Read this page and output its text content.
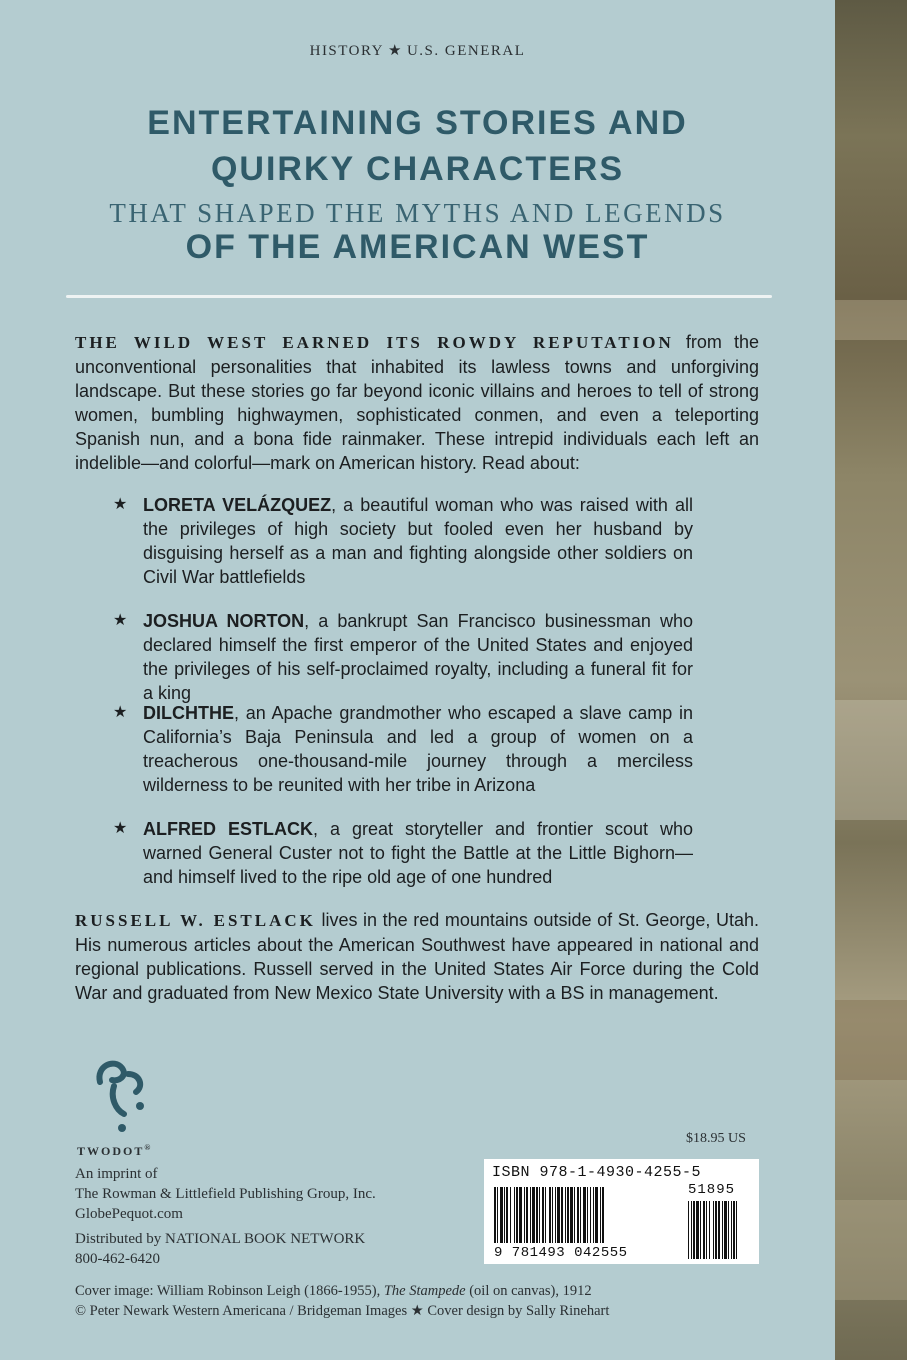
HISTORY ★ U.S. GENERAL
ENTERTAINING STORIES AND
QUIRKY CHARACTERS
THAT SHAPED THE MYTHS AND LEGENDS
OF THE AMERICAN WEST
THE WILD WEST EARNED ITS ROWDY REPUTATION from the unconventional personalities that inhabited its lawless towns and unforgiving landscape. But these stories go far beyond iconic villains and heroes to tell of strong women, bumbling highwaymen, sophisticated conmen, and even a teleporting Spanish nun, and a bona fide rainmaker. These intrepid individuals each left an indelible—and colorful—mark on American history. Read about:
★ LORETA VELÁZQUEZ, a beautiful woman who was raised with all the privileges of high society but fooled even her husband by disguising herself as a man and fighting alongside other soldiers on Civil War battlefields
★ JOSHUA NORTON, a bankrupt San Francisco businessman who declared himself the first emperor of the United States and enjoyed the privileges of his self-proclaimed royalty, including a funeral fit for a king
★ DILCHTHE, an Apache grandmother who escaped a slave camp in California’s Baja Peninsula and led a group of women on a treacherous one-thousand-mile journey through a merciless wilderness to be reunited with her tribe in Arizona
★ ALFRED ESTLACK, a great storyteller and frontier scout who warned General Custer not to fight the Battle at the Little Bighorn—and himself lived to the ripe old age of one hundred
RUSSELL W. ESTLACK lives in the red mountains outside of St. George, Utah. His numerous articles about the American Southwest have appeared in national and regional publications. Russell served in the United States Air Force during the Cold War and graduated from New Mexico State University with a BS in management.
TWODOT®
An imprint of
The Rowman & Littlefield Publishing Group, Inc.
GlobePequot.com
Distributed by NATIONAL BOOK NETWORK
800-462-6420
$18.95 US
ISBN 978-1-4930-4255-5
51895
9 781493 042555
Cover image: William Robinson Leigh (1866-1955), The Stampede (oil on canvas), 1912
© Peter Newark Western Americana / Bridgeman Images ★ Cover design by Sally Rinehart
